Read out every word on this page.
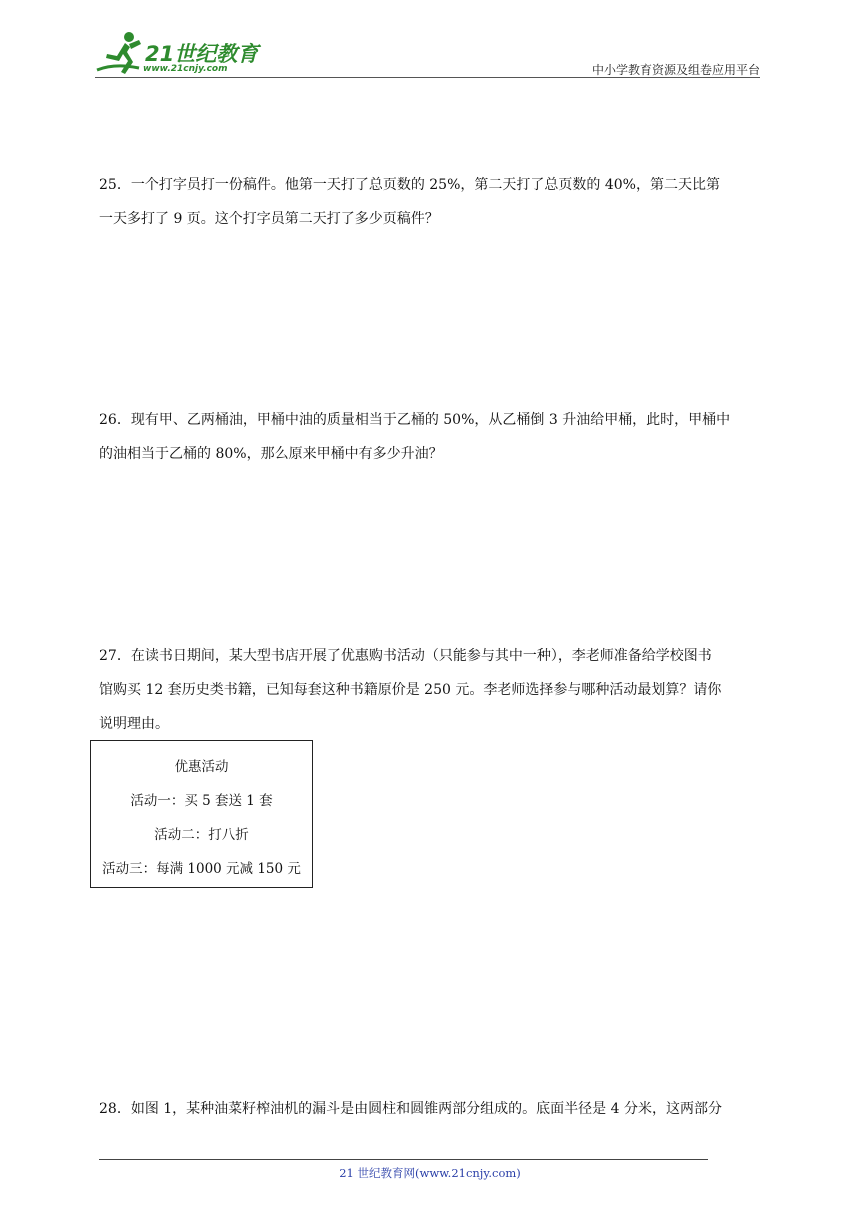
21世纪教育
www.21cnjy.com	中小学教育资源及组卷应用平台

25．一个打字员打一份稿件。他第一天打了总页数的 25%，第二天打了总页数的 40%，第二天比第

一天多打了 9 页。这个打字员第二天打了多少页稿件？

26．现有甲、乙两桶油，甲桶中油的质量相当于乙桶的 50%，从乙桶倒 3 升油给甲桶，此时，甲桶中

的油相当于乙桶的 80%，那么原来甲桶中有多少升油？

27．在读书日期间，某大型书店开展了优惠购书活动（只能参与其中一种），李老师准备给学校图书

馆购买 12 套历史类书籍，已知每套这种书籍原价是 250 元。李老师选择参与哪种活动最划算？请你

说明理由。

优惠活动
活动一：买 5 套送 1 套
活动二：打八折
活动三：每满 1000 元减 150 元

28．如图 1，某种油菜籽榨油机的漏斗是由圆柱和圆锥两部分组成的。底面半径是 4 分米，这两部分

21 世纪教育网(www.21cnjy.com)
